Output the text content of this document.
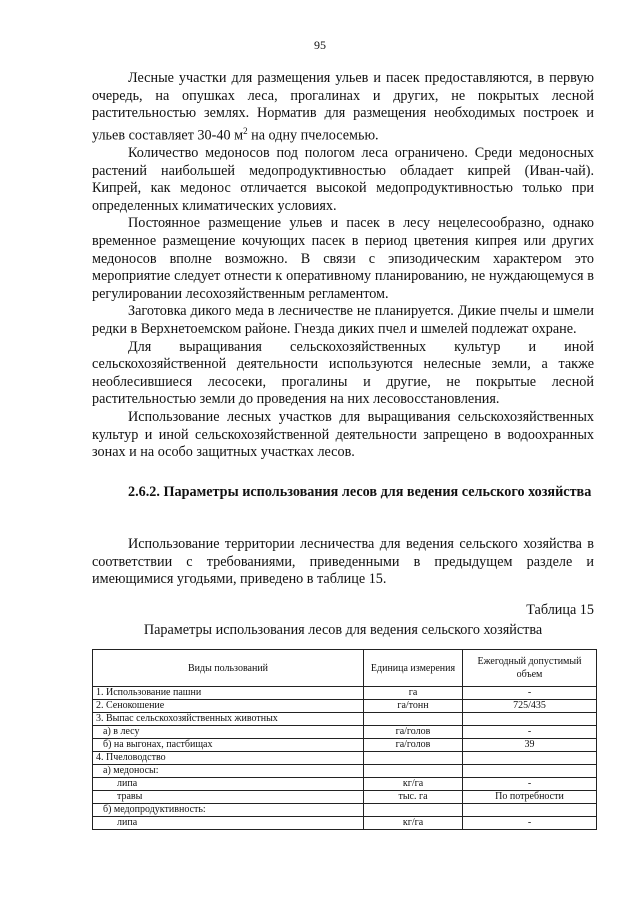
95

Лесные участки для размещения ульев и пасек предоставляются, в первую очередь, на опушках леса, прогалинах и других, не покрытых лесной растительностью землях. Норматив для размещения необходимых построек и ульев составляет 30-40 $м^2$ на одну пчелосемью.

Количество медоносов под пологом леса ограничено. Среди медоносных растений наибольшей медопродуктивностью обладает кипрей (Иван-чай). Кипрей, как медонос отличается высокой медопродуктивностью только при определенных климатических условиях.

Постоянное размещение ульев и пасек в лесу нецелесообразно, однако временное размещение кочующих пасек в период цветения кипрея или других медоносов вполне возможно. В связи с эпизодическим характером это мероприятие следует отнести к оперативному планированию, не нуждающемуся в регулировании лесохозяйственным регламентом.

Заготовка дикого меда в лесничестве не планируется. Дикие пчелы и шмели редки в Верхнетоемском районе. Гнезда диких пчел и шмелей подлежат охране.

Для выращивания сельскохозяйственных культур и иной сельскохозяйственной деятельности используются нелесные земли, а также необлесившиеся лесосеки, прогалины и другие, не покрытые лесной растительностью земли до проведения на них лесовосстановления.

Использование лесных участков для выращивания сельскохозяйственных культур и иной сельскохозяйственной деятельности запрещено в водоохранных зонах и на особо защитных участках лесов.

2.6.2. Параметры использования лесов для ведения сельского хозяйства

Использование территории лесничества для ведения сельского хозяйства в соответствии с требованиями, приведенными в предыдущем разделе и имеющимися угодьями, приведено в таблице 15.

Таблица 15
Параметры использования лесов для ведения сельского хозяйства
Виды пользований	Единица измерения	Ежегодный допустимый объем
1. Использование пашни	га	-
2. Сенокошение	га/тонн	725/435
3. Выпас сельскохозяйственных животных		
а) в лесу	га/голов	-
б) на выгонах, пастбищах	га/голов	39
4. Пчеловодство		
а) медоносы:		
липа	кг/га	-
травы	тыс. га	По потребности
б) медопродуктивность:		
липа	кг/га	-
